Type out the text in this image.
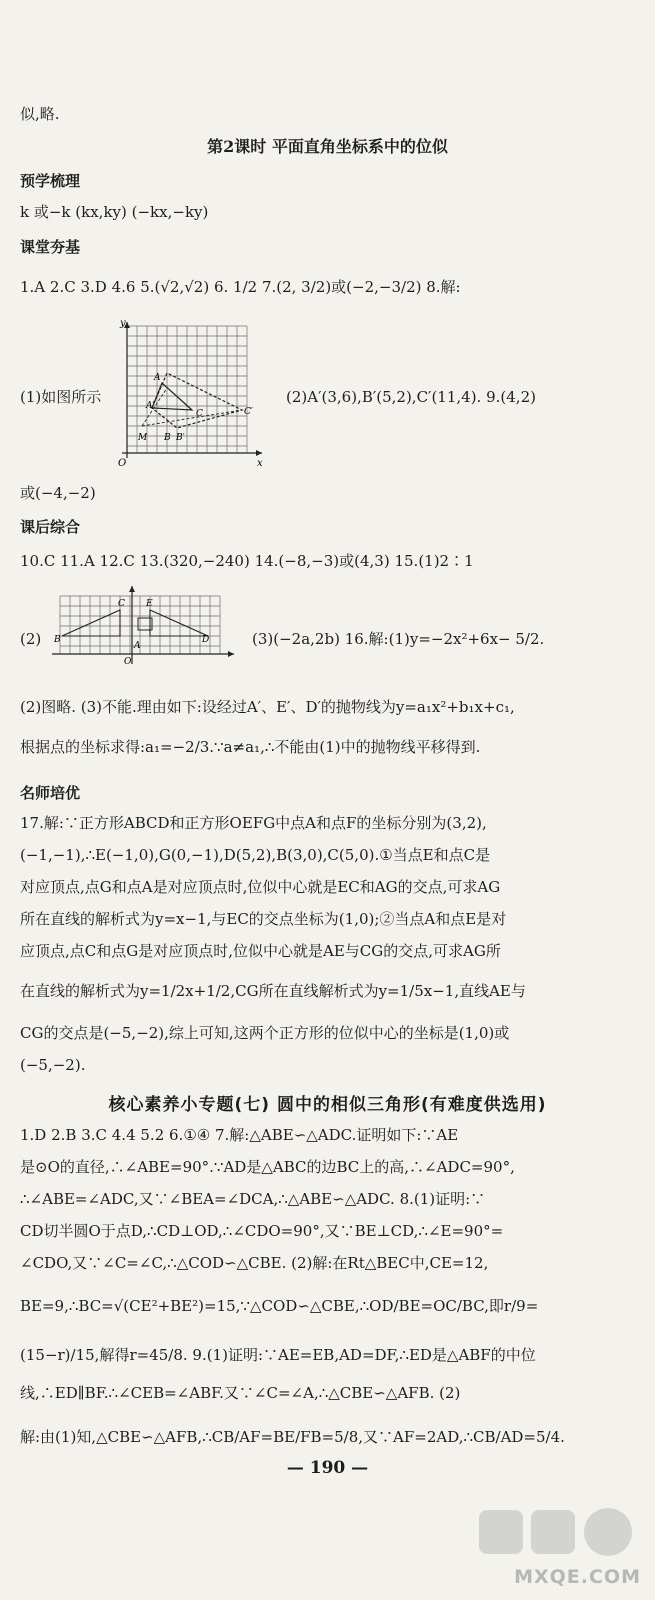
似,略.
第2课时 平面直角坐标系中的位似
预学梳理
k 或−k (kx,ky) (−kx,−ky)
课堂夯基
1.A 2.C 3.D 4.6 5.(√2,√2) 6. 1/2 7.(2, 3/2)或(−2,−3/2) 8.解:
(1)如图所示
y
x
O
A
A′
B B′
C	C′
M
(2)A′(3,6),B′(5,2),C′(11,4). 9.(4,2)
或(−4,−2)
课后综合
10.C 11.A 12.C 13.(320,−240) 14.(−8,−3)或(4,3) 15.(1)2∶1
(2)
C E
B	D
A
O
(3)(−2a,2b) 16.解:(1)y=−2x²+6x− 5/2.
(2)图略. (3)不能.理由如下:设经过A′、E′、D′的抛物线为y=a₁x²+b₁x+c₁,
根据点的坐标求得:a₁=−2/3.∵a≠a₁,∴不能由(1)中的抛物线平移得到.
名师培优
17.解:∵正方形ABCD和正方形OEFG中点A和点F的坐标分别为(3,2),
(−1,−1),∴E(−1,0),G(0,−1),D(5,2),B(3,0),C(5,0).①当点E和点C是
对应顶点,点G和点A是对应顶点时,位似中心就是EC和AG的交点,可求AG
所在直线的解析式为y=x−1,与EC的交点坐标为(1,0);②当点A和点E是对
应顶点,点C和点G是对应顶点时,位似中心就是AE与CG的交点,可求AG所
在直线的解析式为y=1/2x+1/2,CG所在直线解析式为y=1/5x−1,直线AE与
CG的交点是(−5,−2),综上可知,这两个正方形的位似中心的坐标是(1,0)或
(−5,−2).
核心素养小专题(七) 圆中的相似三角形(有难度供选用)
1.D 2.B 3.C 4.4 5.2 6.①④ 7.解:△ABE∽△ADC.证明如下:∵AE
是⊙O的直径,∴∠ABE=90°.∵AD是△ABC的边BC上的高,∴∠ADC=90°,
∴∠ABE=∠ADC,又∵∠BEA=∠DCA,∴△ABE∽△ADC. 8.(1)证明:∵
CD切半圆O于点D,∴CD⊥OD,∴∠CDO=90°,又∵BE⊥CD,∴∠E=90°=
∠CDO,又∵∠C=∠C,∴△COD∽△CBE. (2)解:在Rt△BEC中,CE=12,
BE=9,∴BC=√(CE²+BE²)=15,∵△COD∽△CBE,∴OD/BE=OC/BC,即r/9=
(15−r)/15,解得r=45/8. 9.(1)证明:∵AE=EB,AD=DF,∴ED是△ABF的中位
线,∴ED∥BF.∴∠CEB=∠ABF.又∵∠C=∠A,∴△CBE∽△AFB. (2)
解:由(1)知,△CBE∽△AFB,∴CB/AF=BE/FB=5/8,又∵AF=2AD,∴CB/AD=5/4.
— 190 —
MXQE.COM
